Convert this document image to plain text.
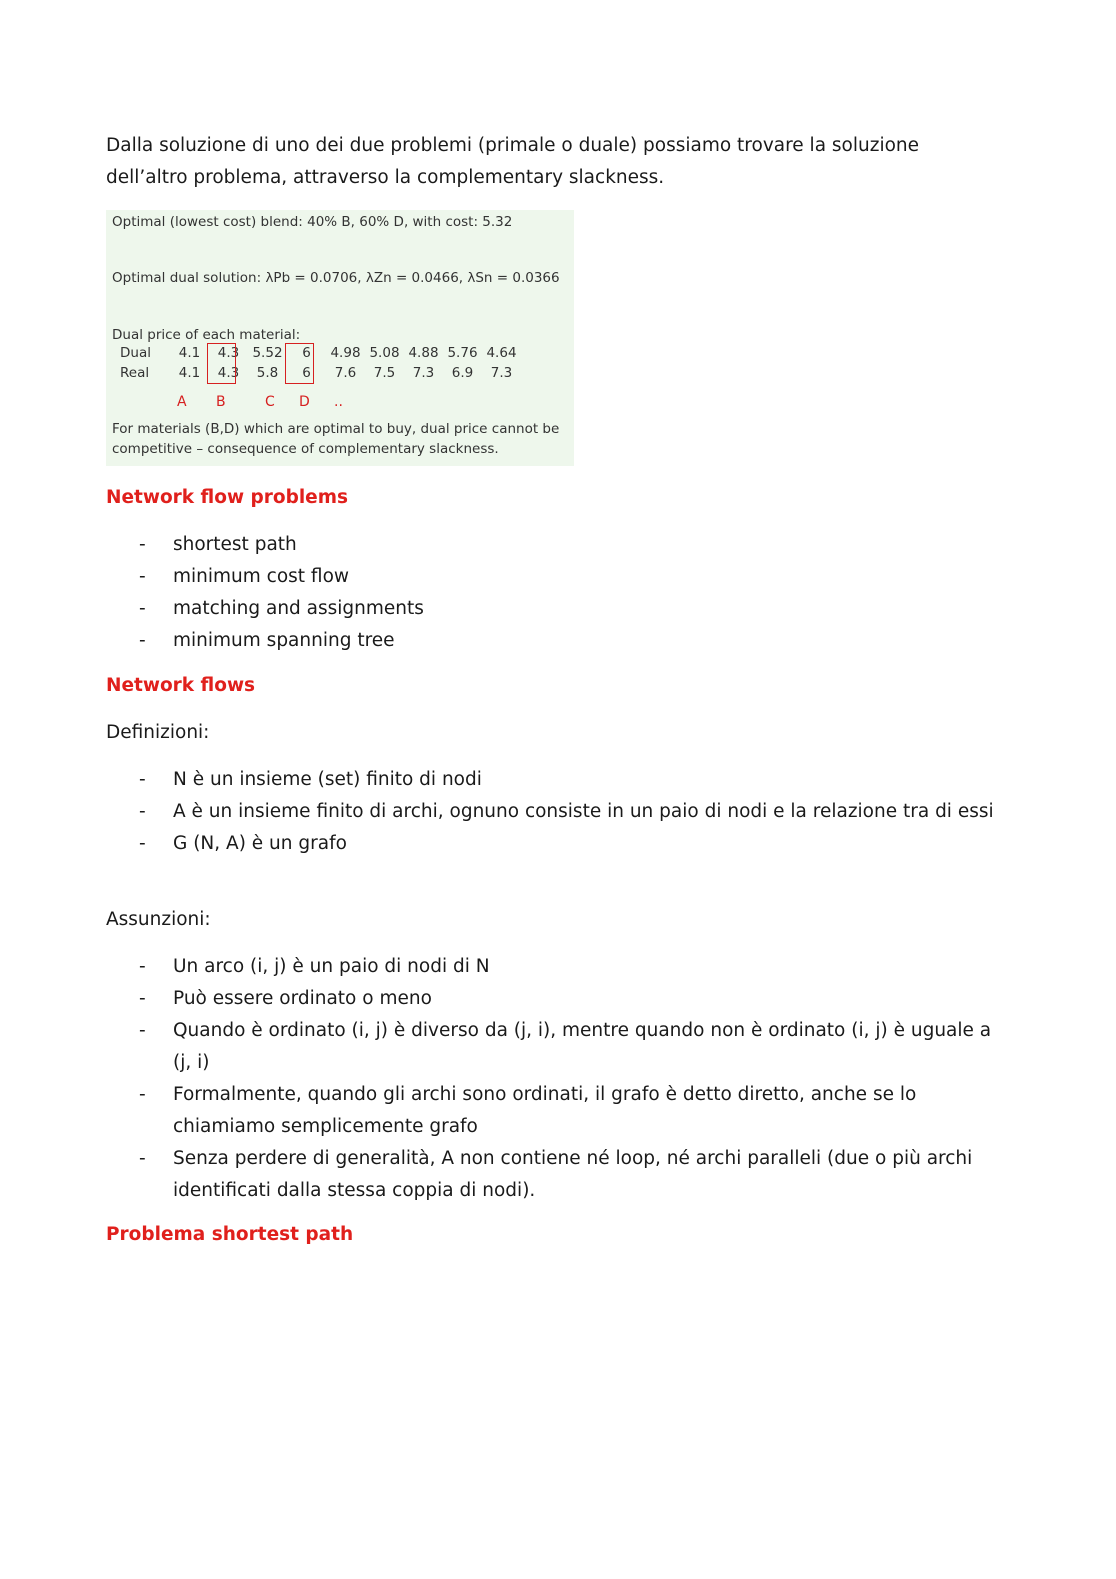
Dalla soluzione di uno dei due problemi (primale o duale) possiamo trovare la soluzione dell’altro problema, attraverso la complementary slackness.
Optimal (lowest cost) blend: 40% B, 60% D, with cost: 5.32
Optimal dual solution: λPb = 0.0706, λZn = 0.0466, λSn = 0.0366
Dual price of each material:
Dual	4.1	4.3 5.52	6	4.98 5.08 4.88 5.76 4.64
Real	4.1	4.3	5.8	6	7.6	7.5	7.3	6.9	7.3
A B	C D ..
For materials (B,D) which are optimal to buy, dual price cannot be
competitive – consequence of complementary slackness.
Network flow problems
- shortest path
- minimum cost flow
- matching and assignments
- minimum spanning tree
Network flows
Definizioni:
- N è un insieme (set) finito di nodi
- A è un insieme finito di archi, ognuno consiste in un paio di nodi e la relazione tra di essi
- G (N, A) è un grafo
Assunzioni:
- Un arco (i, j) è un paio di nodi di N
- Può essere ordinato o meno
- Quando è ordinato (i, j) è diverso da (j, i), mentre quando non è ordinato (i, j) è uguale a (j, i)
- Formalmente, quando gli archi sono ordinati, il grafo è detto diretto, anche se lo chiamiamo semplicemente grafo
- Senza perdere di generalità, A non contiene né loop, né archi paralleli (due o più archi identificati dalla stessa coppia di nodi).
Problema shortest path
